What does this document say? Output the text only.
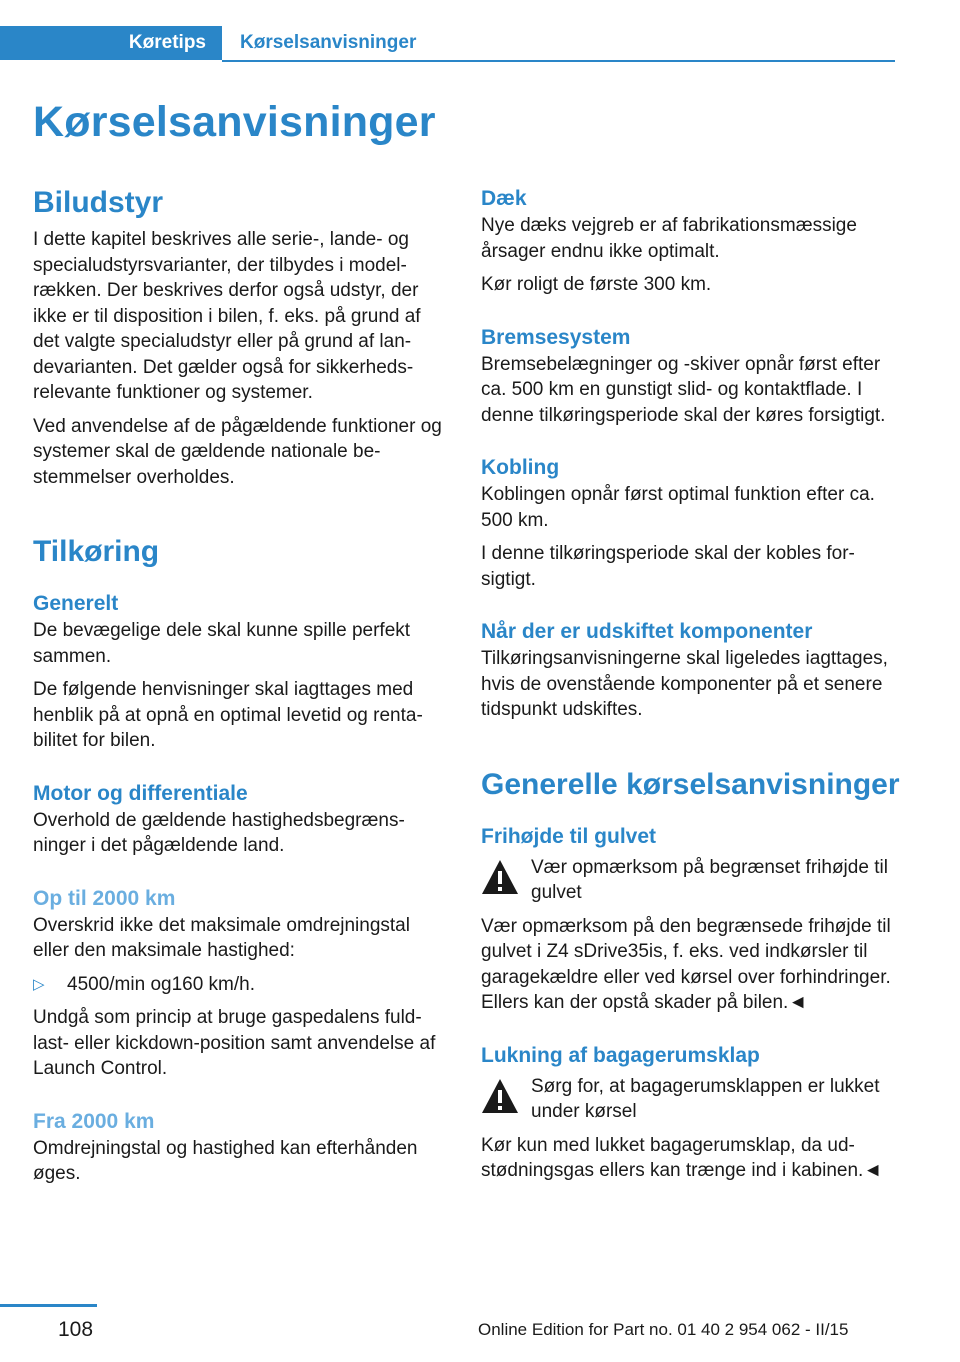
Køretips	Kørselsanvisninger
Kørselsanvisninger
Biludstyr

I dette kapitel beskrives alle serie-, lande- og specialudstyrsvarianter, der tilbydes i modelrækken. Der beskrives derfor også udstyr, der ikke er til disposition i bilen, f. eks. på grund af det valgte specialudstyr eller på grund af landevarianten. Det gælder også for sikkerhedsrelevante funktioner og systemer.

Ved anvendelse af de pågældende funktioner og systemer skal de gældende nationale bestemmelser overholdes.

Tilkøring
Generelt

De bevægelige dele skal kunne spille perfekt sammen.

De følgende henvisninger skal iagttages med henblik på at opnå en optimal levetid og rentabilitet for bilen.

Motor og differentiale

Overhold de gældende hastighedsbegrænsninger i det pågældende land.

Op til 2000 km

Overskrid ikke det maksimale omdrejningstal eller den maksimale hastighed:

▷	4500/min og160 km/h.

Undgå som princip at bruge gaspedalens fuldlast- eller kickdown-position samt anvendelse af Launch Control.

Fra 2000 km

Omdrejningstal og hastighed kan efterhånden øges.

Dæk

Nye dæks vejgreb er af fabrikationsmæssige årsager endnu ikke optimalt.

Kør roligt de første 300 km.

Bremsesystem

Bremsebelægninger og -skiver opnår først efter ca. 500 km en gunstigt slid- og kontaktflade. I denne tilkøringsperiode skal der køres forsigtigt.

Kobling

Koblingen opnår først optimal funktion efter ca. 500 km.

I denne tilkøringsperiode skal der kobles forsigtigt.

Når der er udskiftet komponenter

Tilkøringsanvisningerne skal ligeledes iagttages, hvis de ovenstående komponenter på et senere tidspunkt udskiftes.

Generelle kørselsanvisninger
Frihøjde til gulvet
Vær opmærksom på begrænset frihøjde til gulvet

Vær opmærksom på den begrænsede frihøjde til gulvet i Z4 sDrive35is, f. eks. ved indkørsler til garagekældre eller ved kørsel over forhindringer. Ellers kan der opstå skader på bilen.◄

Lukning af bagagerumsklap
Sørg for, at bagagerumsklappen er lukket under kørsel

Kør kun med lukket bagagerumsklap, da udstødningsgas ellers kan trænge ind i kabinen.◄

108	Online Edition for Part no. 01 40 2 954 062 - II/15
